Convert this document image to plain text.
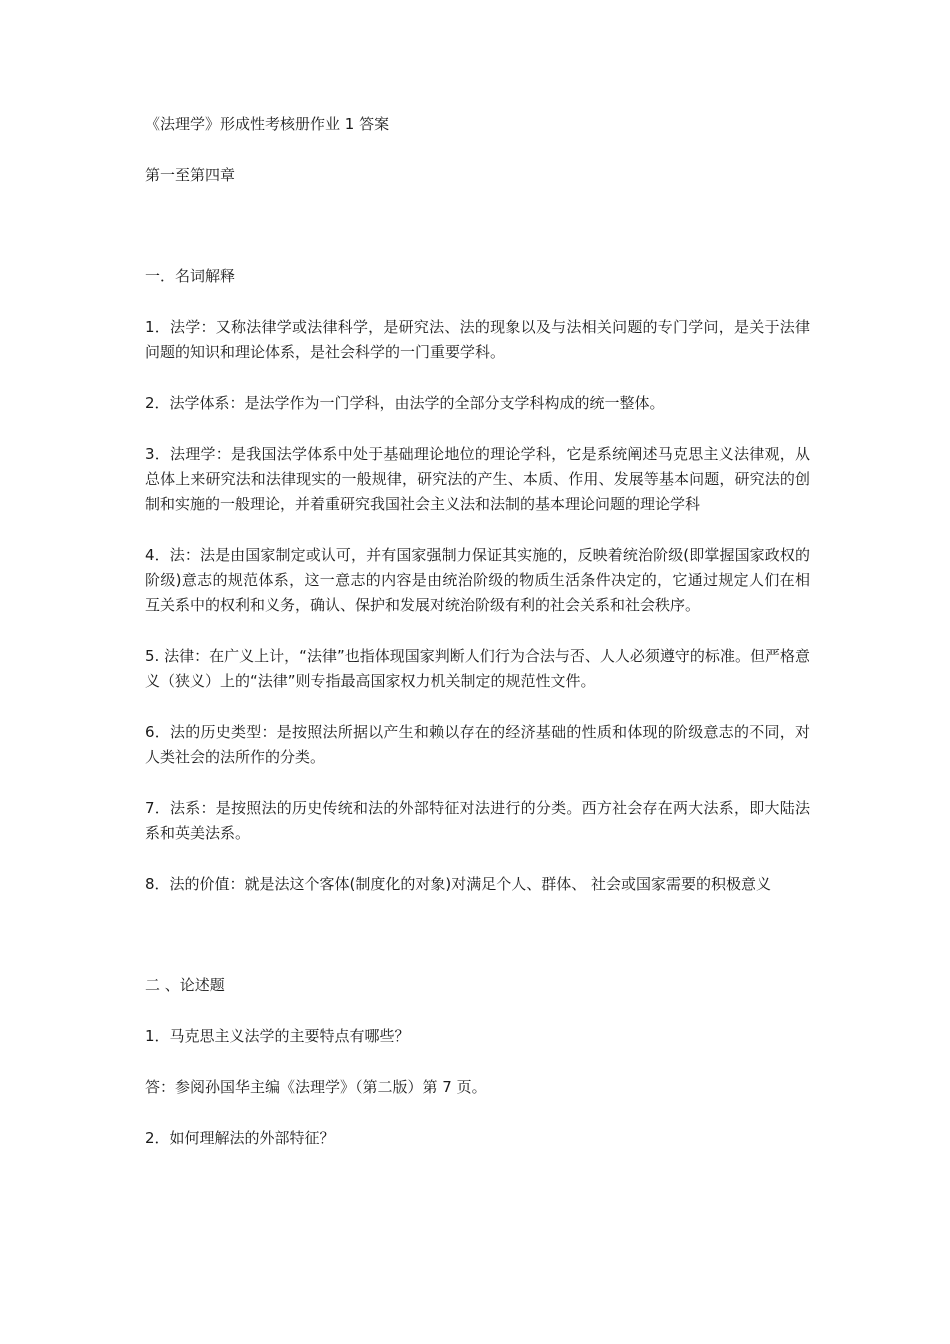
《法理学》形成性考核册作业 1 答案

第一至第四章

一．名词解释

1．法学：又称法律学或法律科学，是研究法、法的现象以及与法相关问题的专门学问，是关于法律问题的知识和理论体系，是社会科学的一门重要学科。

2．法学体系：是法学作为一门学科，由法学的全部分支学科构成的统一整体。

3．法理学：是我国法学体系中处于基础理论地位的理论学科，它是系统阐述马克思主义法律观，从总体上来研究法和法律现实的一般规律，研究法的产生、本质、作用、发展等基本问题，研究法的创制和实施的一般理论，并着重研究我国社会主义法和法制的基本理论问题的理论学科

4．法：法是由国家制定或认可，并有国家强制力保证其实施的，反映着统治阶级(即掌握国家政权的阶级)意志的规范体系，这一意志的内容是由统治阶级的物质生活条件决定的，它通过规定人们在相互关系中的权利和义务，确认、保护和发展对统治阶级有利的社会关系和社会秩序。

5. 法律：在广义上计，“法律”也指体现国家判断人们行为合法与否、人人必须遵守的标准。但严格意义（狭义）上的“法律”则专指最高国家权力机关制定的规范性文件。

6．法的历史类型：是按照法所据以产生和赖以存在的经济基础的性质和体现的阶级意志的不同，对人类社会的法所作的分类。

7．法系：是按照法的历史传统和法的外部特征对法进行的分类。西方社会存在两大法系，即大陆法系和英美法系。

8．法的价值：就是法这个客体(制度化的对象)对满足个人、群体、 社会或国家需要的积极意义

二 、论述题

1．马克思主义法学的主要特点有哪些？

答：参阅孙国华主编《法理学》（第二版）第 7 页。

2．如何理解法的外部特征？
